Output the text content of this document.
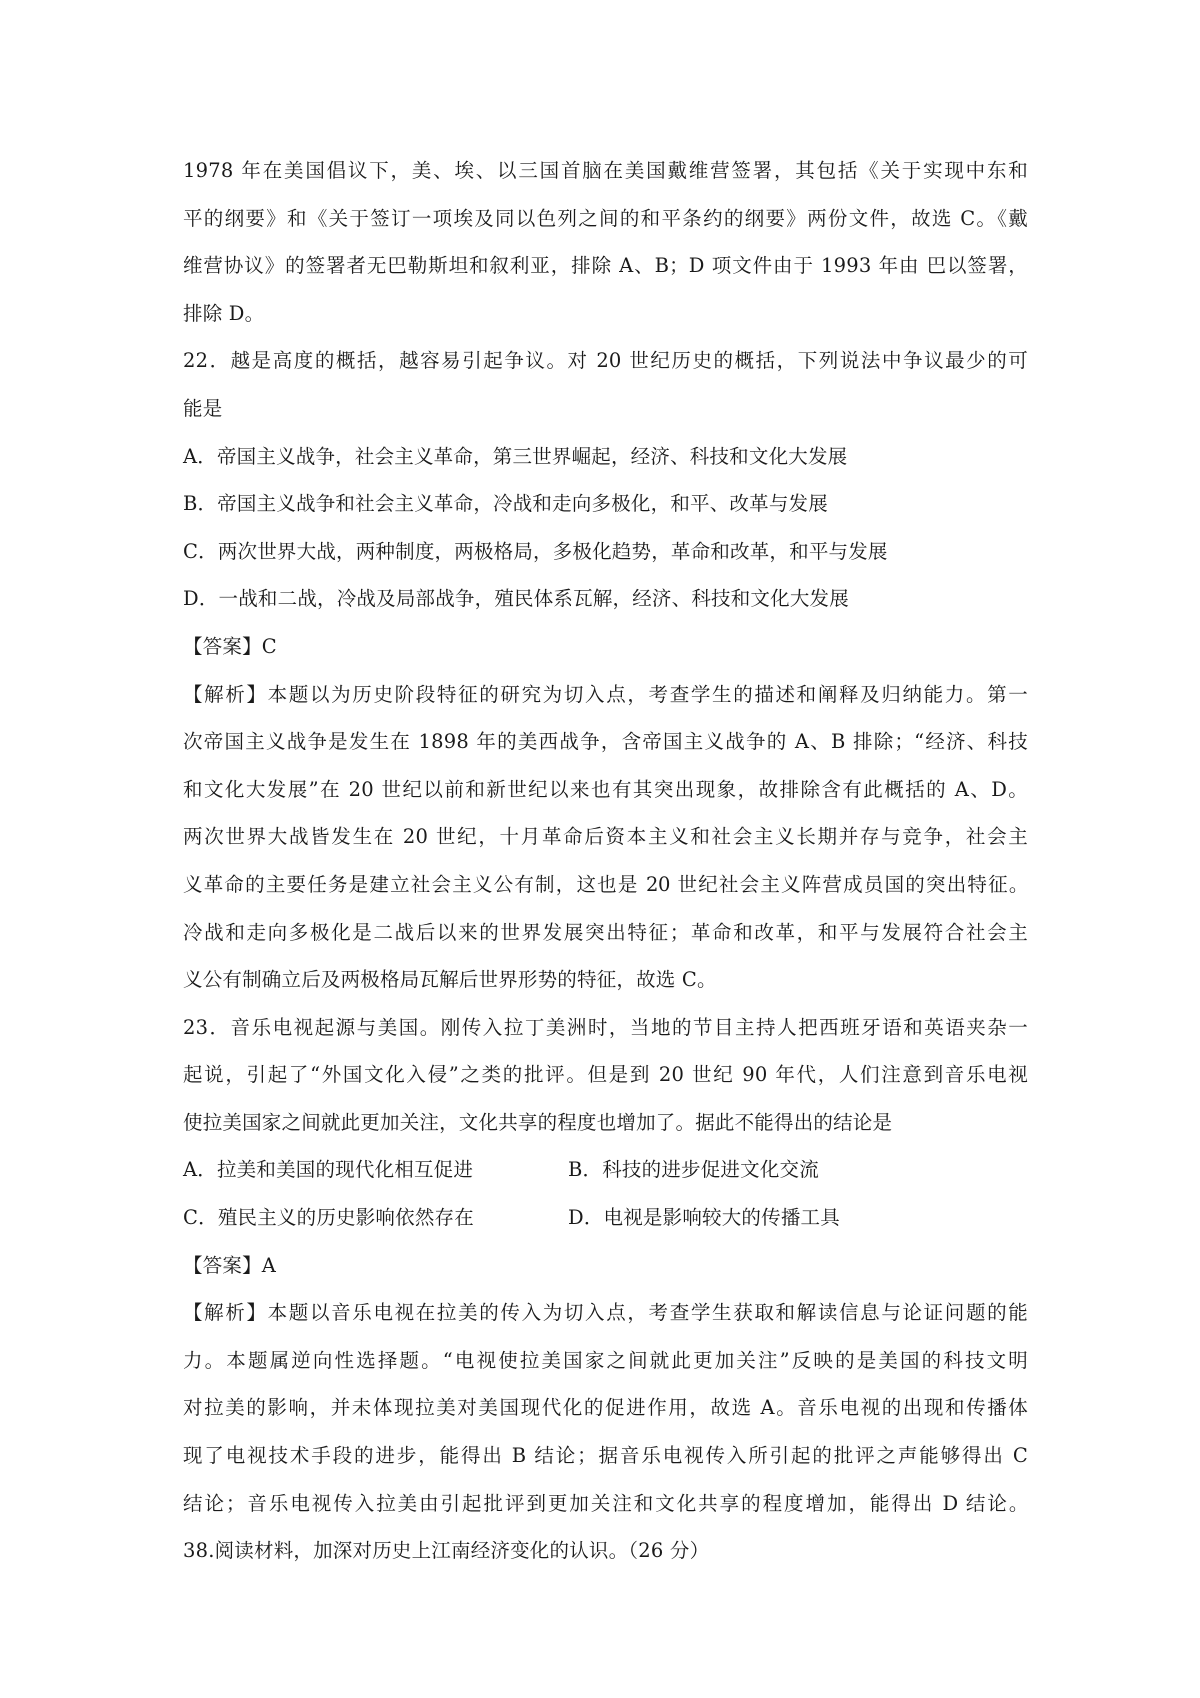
1978 年在美国倡议下，美、埃、以三国首脑在美国戴维营签署，其包括《关于实现中东和
平的纲要》和《关于签订一项埃及同以色列之间的和平条约的纲要》两份文件，故选 C。《戴
维营协议》的签署者无巴勒斯坦和叙利亚，排除 A、B；D 项文件由于 1993 年由 巴以签署，
排除 D。
22．越是高度的概括，越容易引起争议。对 20 世纪历史的概括，下列说法中争议最少的可
能是
A．帝国主义战争，社会主义革命，第三世界崛起，经济、科技和文化大发展
B．帝国主义战争和社会主义革命，冷战和走向多极化，和平、改革与发展
C．两次世界大战，两种制度，两极格局，多极化趋势，革命和改革，和平与发展
D．一战和二战，冷战及局部战争，殖民体系瓦解，经济、科技和文化大发展
【答案】C
【解析】本题以为历史阶段特征的研究为切入点，考查学生的描述和阐释及归纳能力。第一
次帝国主义战争是发生在 1898 年的美西战争，含帝国主义战争的 A、B 排除；“经济、科技
和文化大发展”在 20 世纪以前和新世纪以来也有其突出现象，故排除含有此概括的 A、D。
两次世界大战皆发生在 20 世纪，十月革命后资本主义和社会主义长期并存与竞争，社会主
义革命的主要任务是建立社会主义公有制，这也是 20 世纪社会主义阵营成员国的突出特征。
冷战和走向多极化是二战后以来的世界发展突出特征；革命和改革，和平与发展符合社会主
义公有制确立后及两极格局瓦解后世界形势的特征，故选 C。
23．音乐电视起源与美国。刚传入拉丁美洲时，当地的节目主持人把西班牙语和英语夹杂一
起说，引起了“外国文化入侵”之类的批评。但是到 20 世纪 90 年代，人们注意到音乐电视
使拉美国家之间就此更加关注，文化共享的程度也增加了。据此不能得出的结论是
A．拉美和美国的现代化相互促进	B．科技的进步促进文化交流
C．殖民主义的历史影响依然存在	D．电视是影响较大的传播工具
【答案】A
【解析】本题以音乐电视在拉美的传入为切入点，考查学生获取和解读信息与论证问题的能
力。本题属逆向性选择题。“电视使拉美国家之间就此更加关注”反映的是美国的科技文明
对拉美的影响，并未体现拉美对美国现代化的促进作用，故选 A。音乐电视的出现和传播体
现了电视技术手段的进步，能得出 B 结论；据音乐电视传入所引起的批评之声能够得出 C
结论；音乐电视传入拉美由引起批评到更加关注和文化共享的程度增加，能得出 D 结论。
38.阅读材料，加深对历史上江南经济变化的认识。（26 分）
